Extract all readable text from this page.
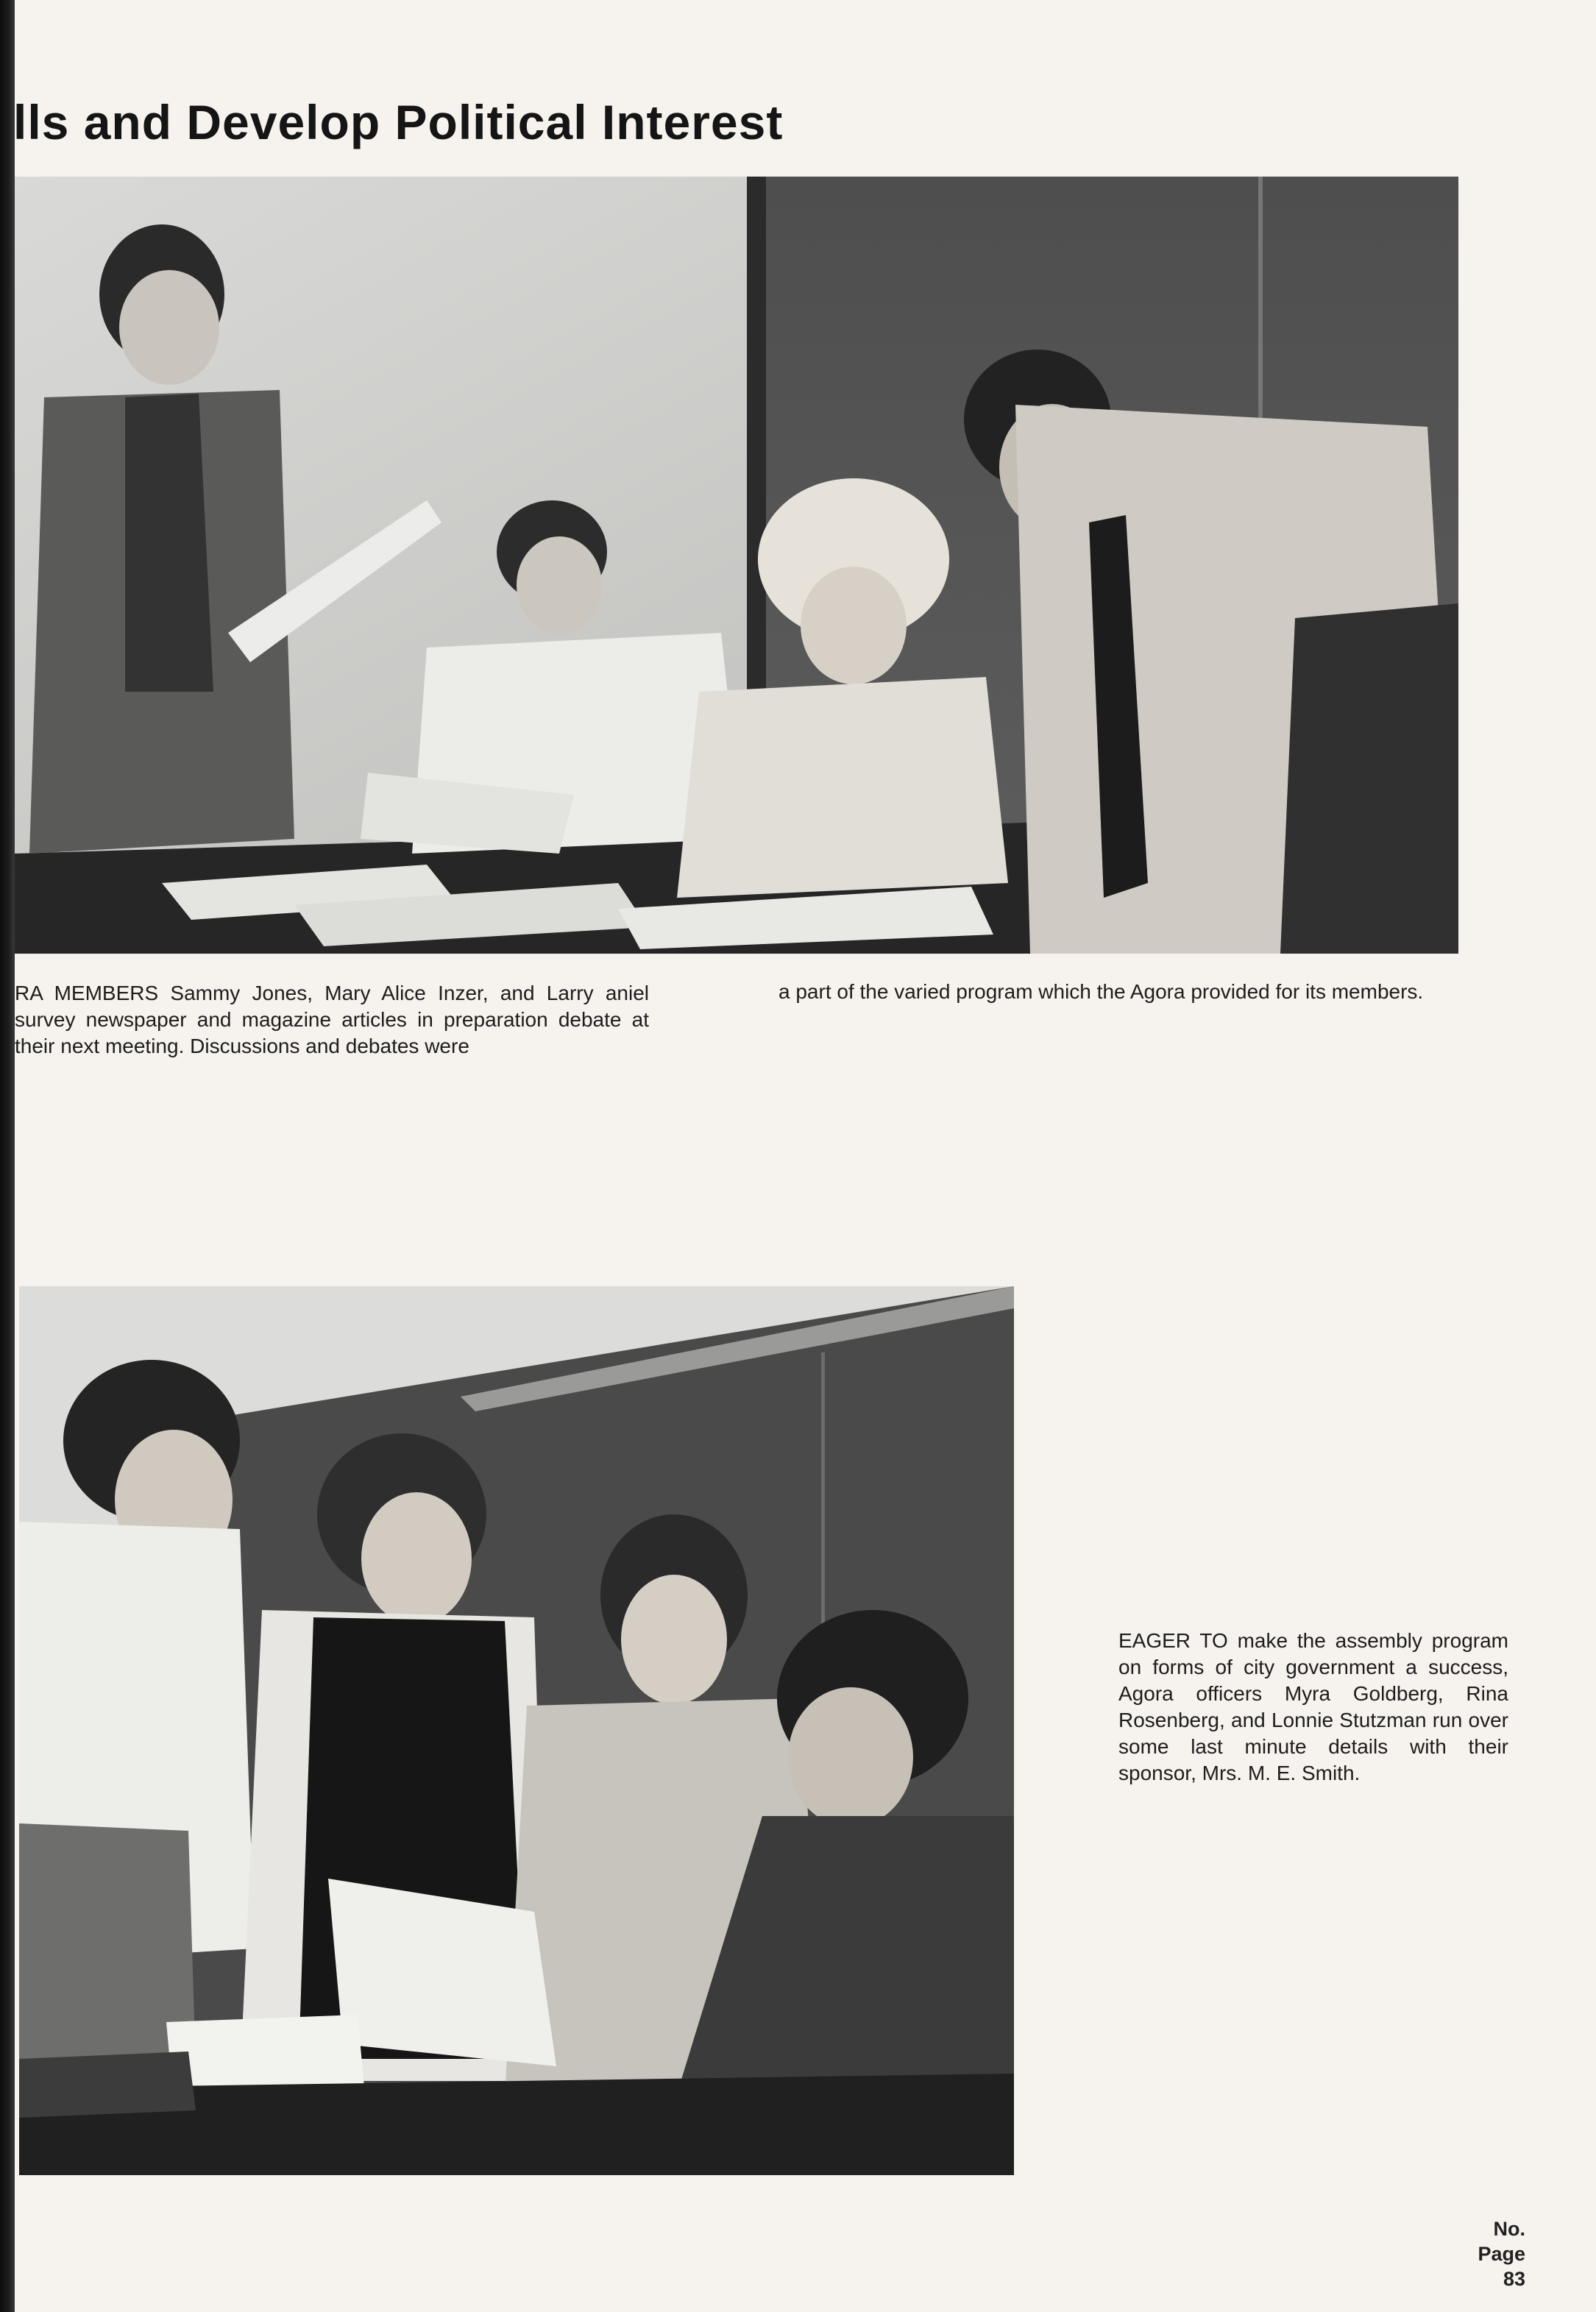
lls and Develop Political Interest

RA MEMBERS Sammy Jones, Mary Alice Inzer, and Larry aniel survey newspaper and magazine articles in preparation debate at their next meeting. Discussions and debates were

a part of the varied program which the Agora provided for its members.

EAGER TO make the assembly program on forms of city government a success, Agora officers Myra Goldberg, Rina Rosenberg, and Lonnie Stutzman run over some last minute details with their sponsor, Mrs. M. E. Smith.

No.
Page
83
